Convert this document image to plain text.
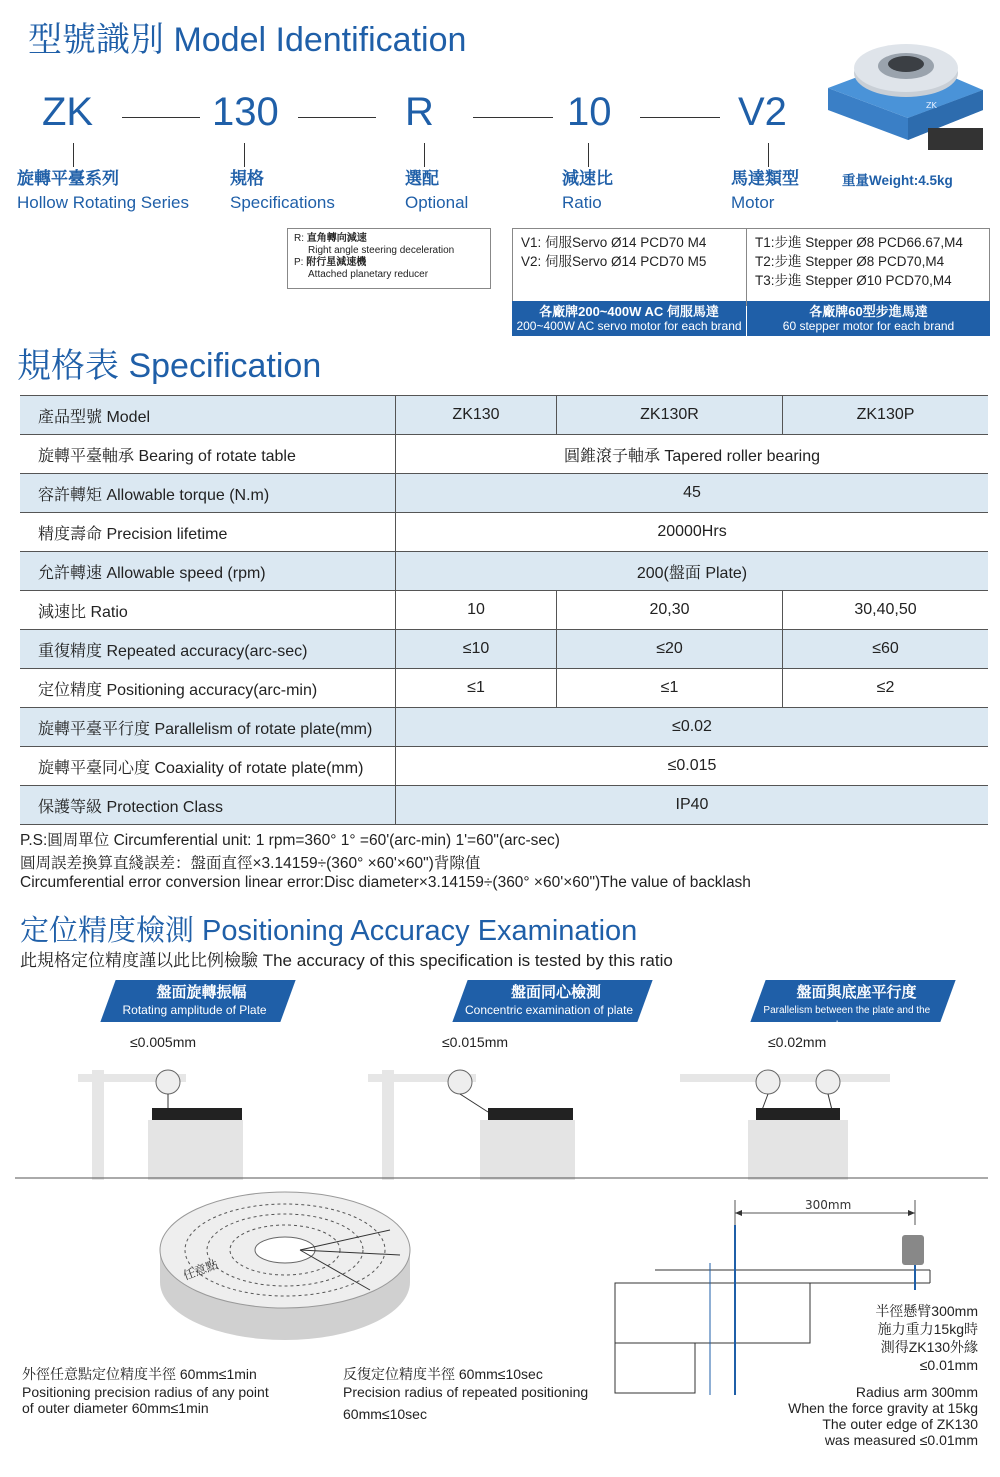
型號識別 Model Identification
ZK	130	R	10	V2
旋轉平臺系列
Hollow Rotating Series
規格
Specifications
選配
Optional
減速比
Ratio
馬達類型
Motor
重量Weight:4.5kg
ZK
R: 直角轉向減速
Right angle steering deceleration
P: 附行星減速機
Attached planetary reducer
V1: 伺服Servo Ø14 PCD70 M4
V2: 伺服Servo Ø14 PCD70 M5
T1:步進 Stepper Ø8 PCD66.67,M4
T2:步進 Stepper Ø8 PCD70,M4
T3:步進 Stepper Ø10 PCD70,M4
各廠牌200~400W AC 伺服馬達
200~400W AC servo motor for each brand
各廠牌60型步進馬達
60 stepper motor for each brand
規格表 Specification
產品型號 Model	ZK130	ZK130R	ZK130P
旋轉平臺軸承 Bearing of rotate table	圓錐滾子軸承 Tapered roller bearing		
容許轉矩 Allowable torque (N.m)	45		
精度壽命 Precision lifetime	20000Hrs		
允許轉速 Allowable speed (rpm)	200(盤面 Plate)		
減速比 Ratio	10	20,30	30,40,50
重復精度 Repeated accuracy(arc-sec)	≤10	≤20	≤60
定位精度 Positioning accuracy(arc-min)	≤1	≤1	≤2
旋轉平臺平行度 Parallelism of rotate plate(mm)	≤0.02		
旋轉平臺同心度 Coaxiality of rotate plate(mm)	≤0.015		
保護等級 Protection Class	IP40		
P.S:圓周單位 Circumferential unit: 1 rpm=360° 1° =60'(arc-min) 1'=60"(arc-sec)
圓周誤差換算直綫誤差：盤面直徑×3.14159÷(360° ×60'×60")背隙值
Circumferential error conversion linear error:Disc diameter×3.14159÷(360° ×60'×60")The value of backlash
定位精度檢測 Positioning Accuracy Examination
此規格定位精度謹以此比例檢驗 The accuracy of this specification is tested by this ratio
盤面旋轉振幅
Rotating amplitude of Plate
盤面同心檢測
Concentric examination of plate
盤面與底座平行度
Parallelism between the plate and the base
≤0.005mm	≤0.015mm	≤0.02mm
任意點
300mm
外徑任意點定位精度半徑 60mm≤1min
Positioning precision radius of any point
of outer diameter 60mm≤1min
反復定位精度半徑 60mm≤10sec
Precision radius of repeated positioning
60mm≤10sec
半徑懸臂300mm
施力重力15kg時
測得ZK130外緣
≤0.01mm
Radius arm 300mm
When the force gravity at 15kg
The outer edge of ZK130
was measured ≤0.01mm
